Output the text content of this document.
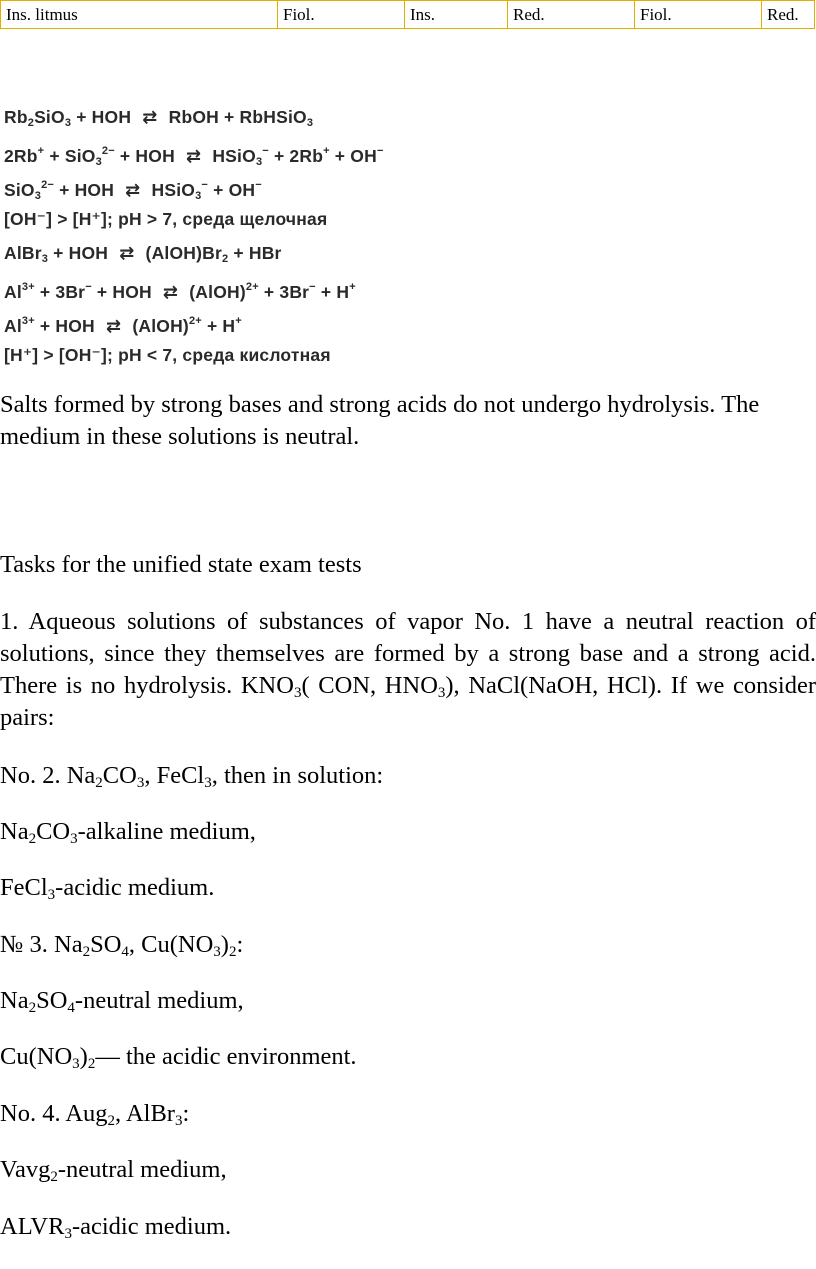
Ins. litmus	Fiol.	Ins.	Red.	Fiol.	Red.
$Rb_2SiO_3$ + HOH ⇄ RbOH + RbHSiO$_3$
2Rb+ + SiO$_3^{2-}$ + HOH ⇄ HSiO$_3$− + 2Rb+ + OH−
SiO$_3^{2-}$ + HOH ⇄ HSiO$_3$− + OH−
[OH⁻] > [H⁺]; pH > 7, среда щелочная
AlBr$_3$ + HOH ⇄ $(AlOH)Br_2$ + HBr
$Al^{3+} + 3Br^-$ + HOH ⇄ (AlOH)$^{2+}$ + 3Br− + H+
$Al^{3+}$ + HOH ⇄ (AlOH)$^{2+}$ + H+
[H⁺] > [OH⁻]; pH < 7, среда кислотная

Salts formed by strong bases and strong acids do not undergo hydrolysis. The medium in these solutions is neutral.

Tasks for the unified state exam tests

1. Aqueous solutions of substances of vapor No. 1 have a neutral reaction of solutions, since they themselves are formed by a strong base and a strong acid. There is no hydrolysis. $KNO_3$( CON, $HNO_3$), NaCl(NaOH, HCl). If we consider pairs:

No. 2. $Na_2CO_3$, FeCl$_3$, then in solution:

$Na_2CO_3$-alkaline medium,

FeCl$_3$-acidic medium.

№ 3. $Na_2SO_4$, $Cu(NO_3)_2$:

$Na_2SO_4$-neutral medium,

$Cu(NO_3)_2—$ the acidic environment.

No. 4. Aug$_2$, AlBr$_3$:

Vavg$_2$-neutral medium,

$ALVR_3$-acidic medium.
